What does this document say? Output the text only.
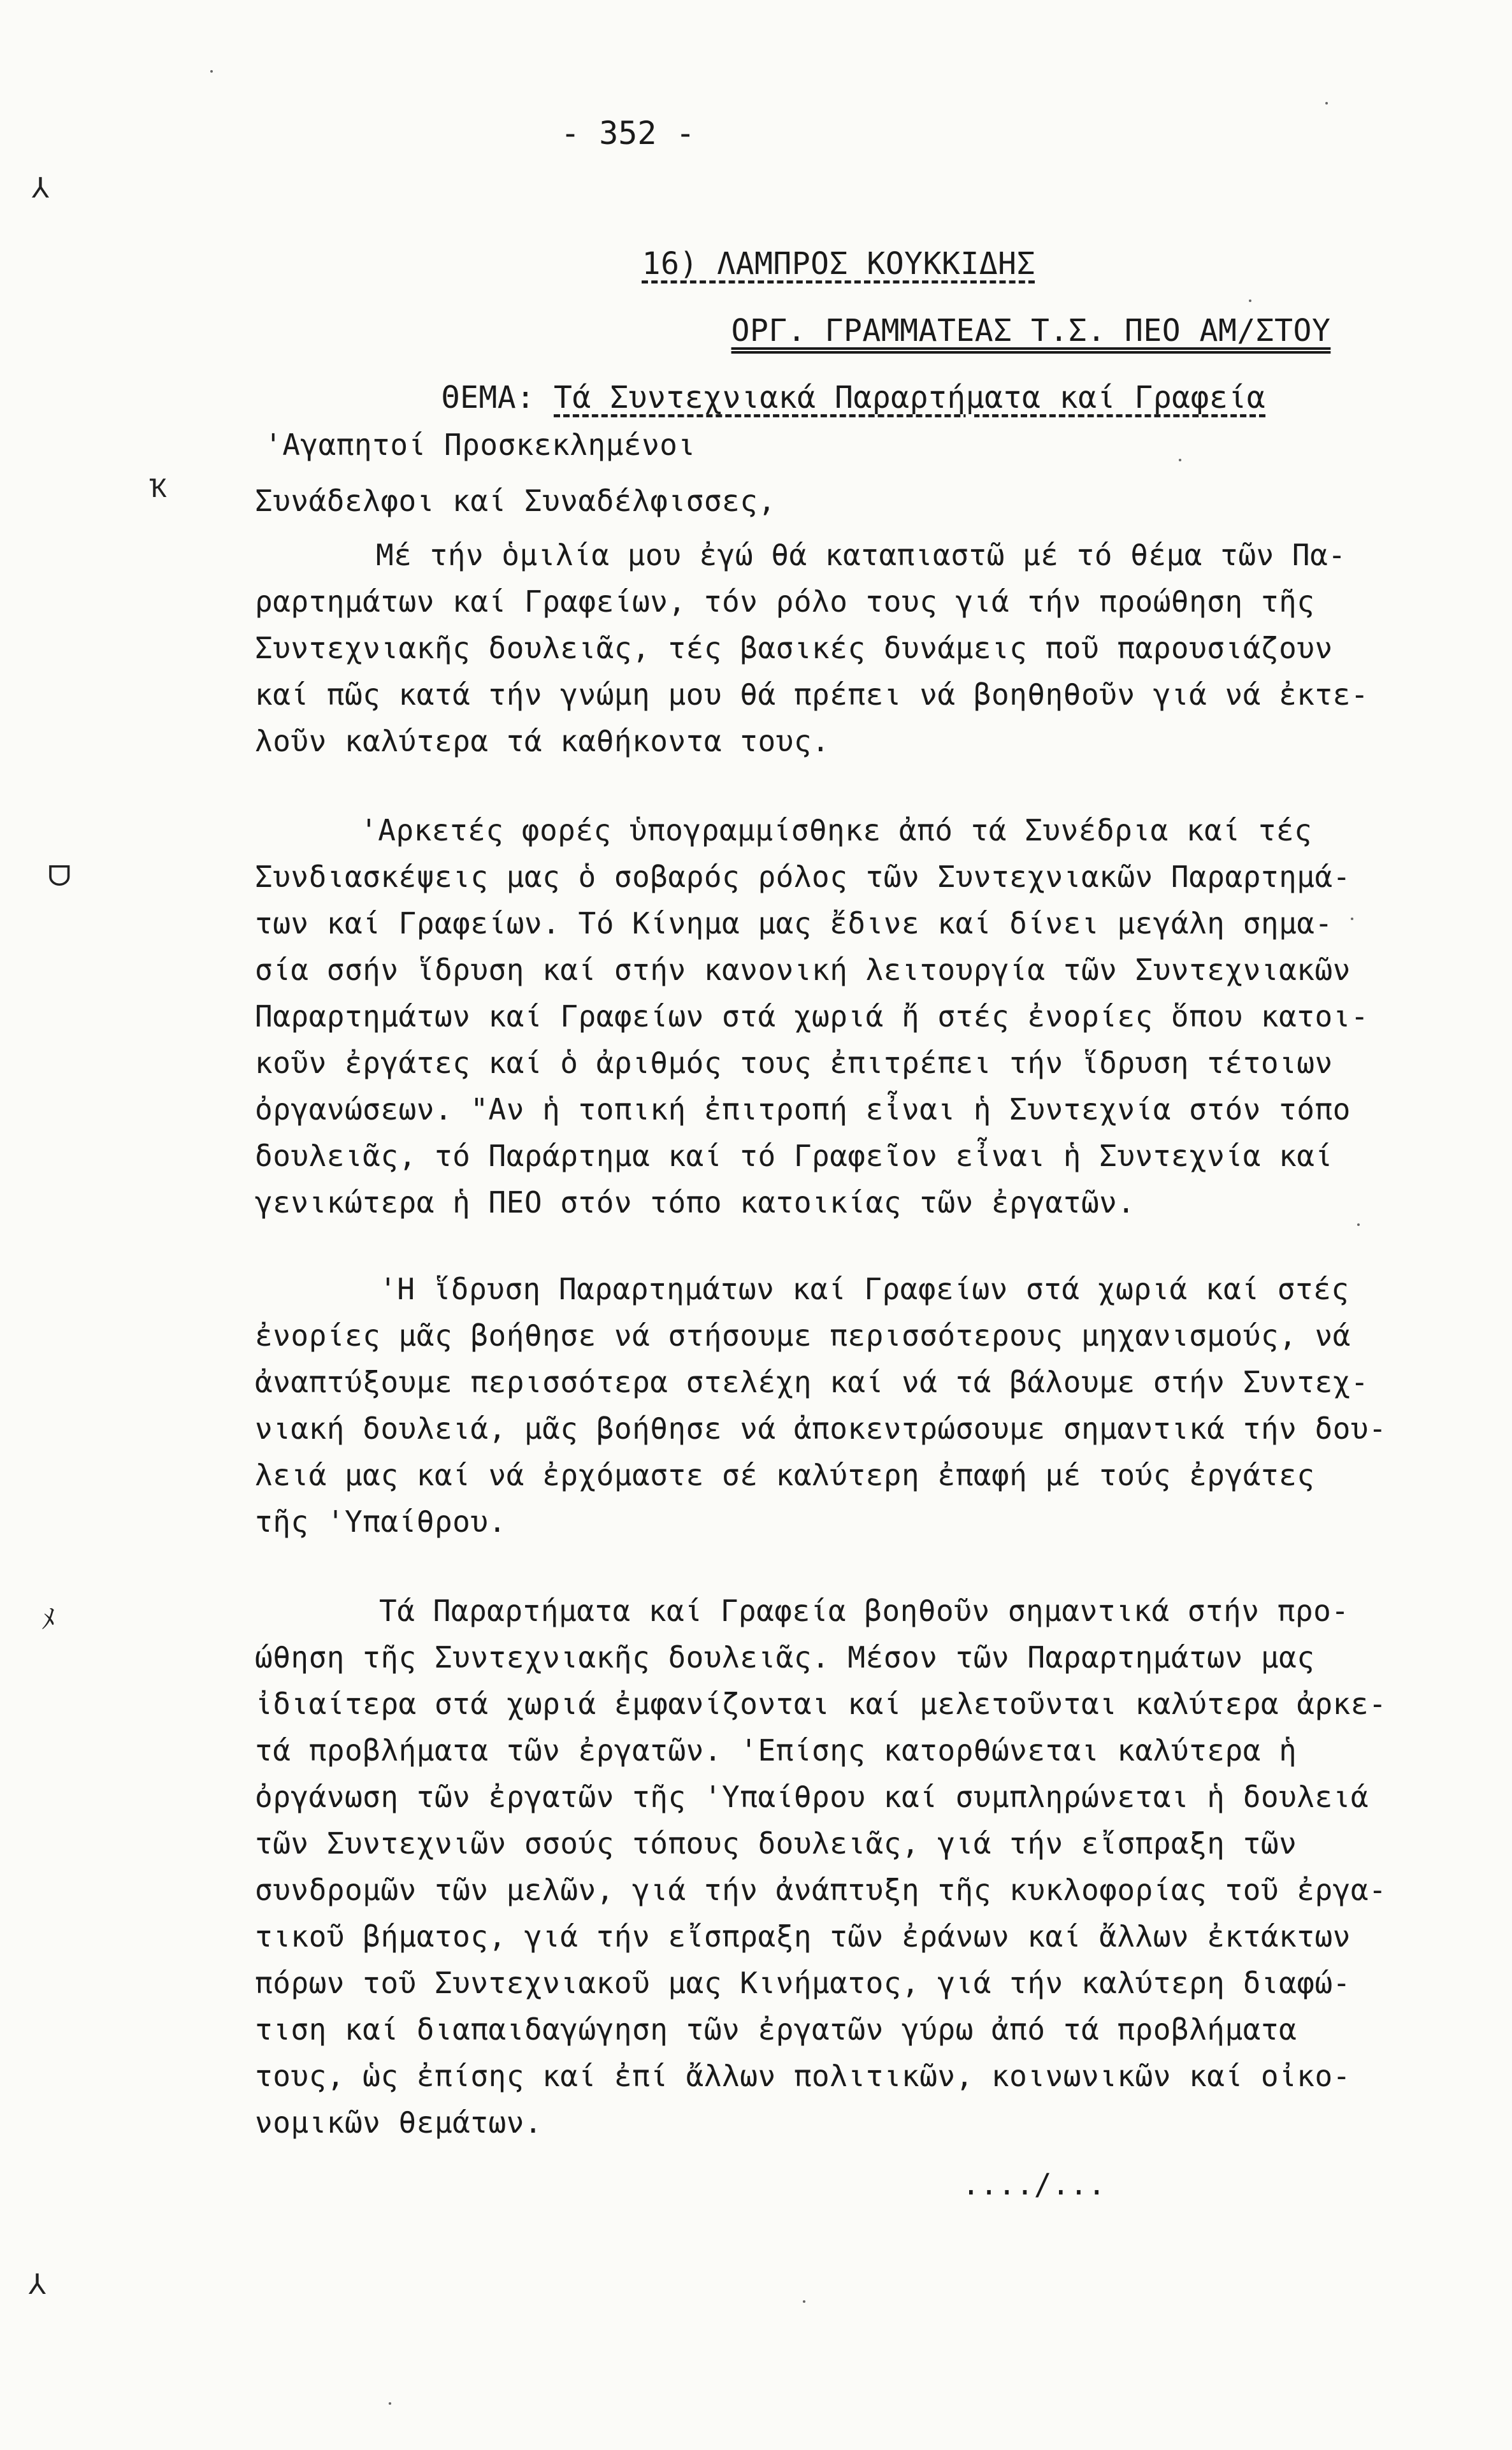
- 352 -

16) ΛΑΜΠΡΟΣ ΚΟΥΚΚΙΔΗΣ

ΟΡΓ. ΓΡΑΜΜΑΤΕΑΣ Τ.Σ. ΠΕΟ ΑΜ/ΣΤΟΥ

ΘΕΜΑ: Τά Συντεχνιακά Παραρτήματα καί Γραφεία

'Αγαπητοί Προσκεκλημένοι
Συνάδελφοι καί Συναδέλφισσες,
Μέ τήν ὁμιλία μου ἐγώ θά καταπιαστῶ μέ τό θέμα τῶν Πα-
ραρτημάτων καί Γραφείων, τόν ρόλο τους γιά τήν προώθηση τῆς
Συντεχνιακῆς δουλειᾶς, τές βασικές δυνάμεις ποῦ παρουσιάζουν
καί πῶς κατά τήν γνώμη μου θά πρέπει νά βοηθηθοῦν γιά νά ἐκτε-
λοῦν καλύτερα τά καθήκοντα τους.
'Αρκετές φορές ὑπογραμμίσθηκε ἀπό τά Συνέδρια καί τές
Συνδιασκέψεις μας ὁ σοβαρός ρόλος τῶν Συντεχνιακῶν Παραρτημά-
των καί Γραφείων. Τό Κίνημα μας ἔδινε καί δίνει μεγάλη σημα-
σία σσήν ἵδρυση καί στήν κανονική λειτουργία τῶν Συντεχνιακῶν
Παραρτημάτων καί Γραφείων στά χωριά ἤ στές ἐνορίες ὅπου κατοι-
κοῦν ἐργάτες καί ὁ ἀριθμός τους ἐπιτρέπει τήν ἵδρυση τέτοιων
ὀργανώσεων. "Αν ἡ τοπική ἐπιτροπή εἶναι ἡ Συντεχνία στόν τόπο
δουλειᾶς, τό Παράρτημα καί τό Γραφεῖον εἶναι ἡ Συντεχνία καί
γενικώτερα ἡ ΠΕΟ στόν τόπο κατοικίας τῶν ἐργατῶν.
'Η ἵδρυση Παραρτημάτων καί Γραφείων στά χωριά καί στές
ἐνορίες μᾶς βοήθησε νά στήσουμε περισσότερους μηχανισμούς, νά
ἀναπτύξουμε περισσότερα στελέχη καί νά τά βάλουμε στήν Συντεχ-
νιακή δουλειά, μᾶς βοήθησε νά ἀποκεντρώσουμε σημαντικά τήν δου-
λειά μας καί νά ἐρχόμαστε σέ καλύτερη ἐπαφή μέ τούς ἐργάτες
τῆς 'Υπαίθρου.
Τά Παραρτήματα καί Γραφεία βοηθοῦν σημαντικά στήν προ-
ώθηση τῆς Συντεχνιακῆς δουλειᾶς. Μέσον τῶν Παραρτημάτων μας
ἰδιαίτερα στά χωριά ἐμφανίζονται καί μελετοῦνται καλύτερα ἀρκε-
τά προβλήματα τῶν ἐργατῶν. 'Επίσης κατορθώνεται καλύτερα ἡ
ὀργάνωση τῶν ἐργατῶν τῆς 'Υπαίθρου καί συμπληρώνεται ἡ δουλειά
τῶν Συντεχνιῶν σσούς τόπους δουλειᾶς, γιά τήν εἴσπραξη τῶν
συνδρομῶν τῶν μελῶν, γιά τήν ἀνάπτυξη τῆς κυκλοφορίας τοῦ ἐργα-
τικοῦ βήματος, γιά τήν εἴσπραξη τῶν ἐράνων καί ἄλλων ἐκτάκτων
πόρων τοῦ Συντεχνιακοῦ μας Κινήματος, γιά τήν καλύτερη διαφώ-
τιση καί διαπαιδαγώγηση τῶν ἐργατῶν γύρω ἀπό τά προβλήματα
τους, ὡς ἐπίσης καί ἐπί ἄλλων πολιτικῶν, κοινωνικῶν καί οἰκο-
νομικῶν θεμάτων.
..../...
⅄
ᗜ
ﾒ
Ҡ
⅄
